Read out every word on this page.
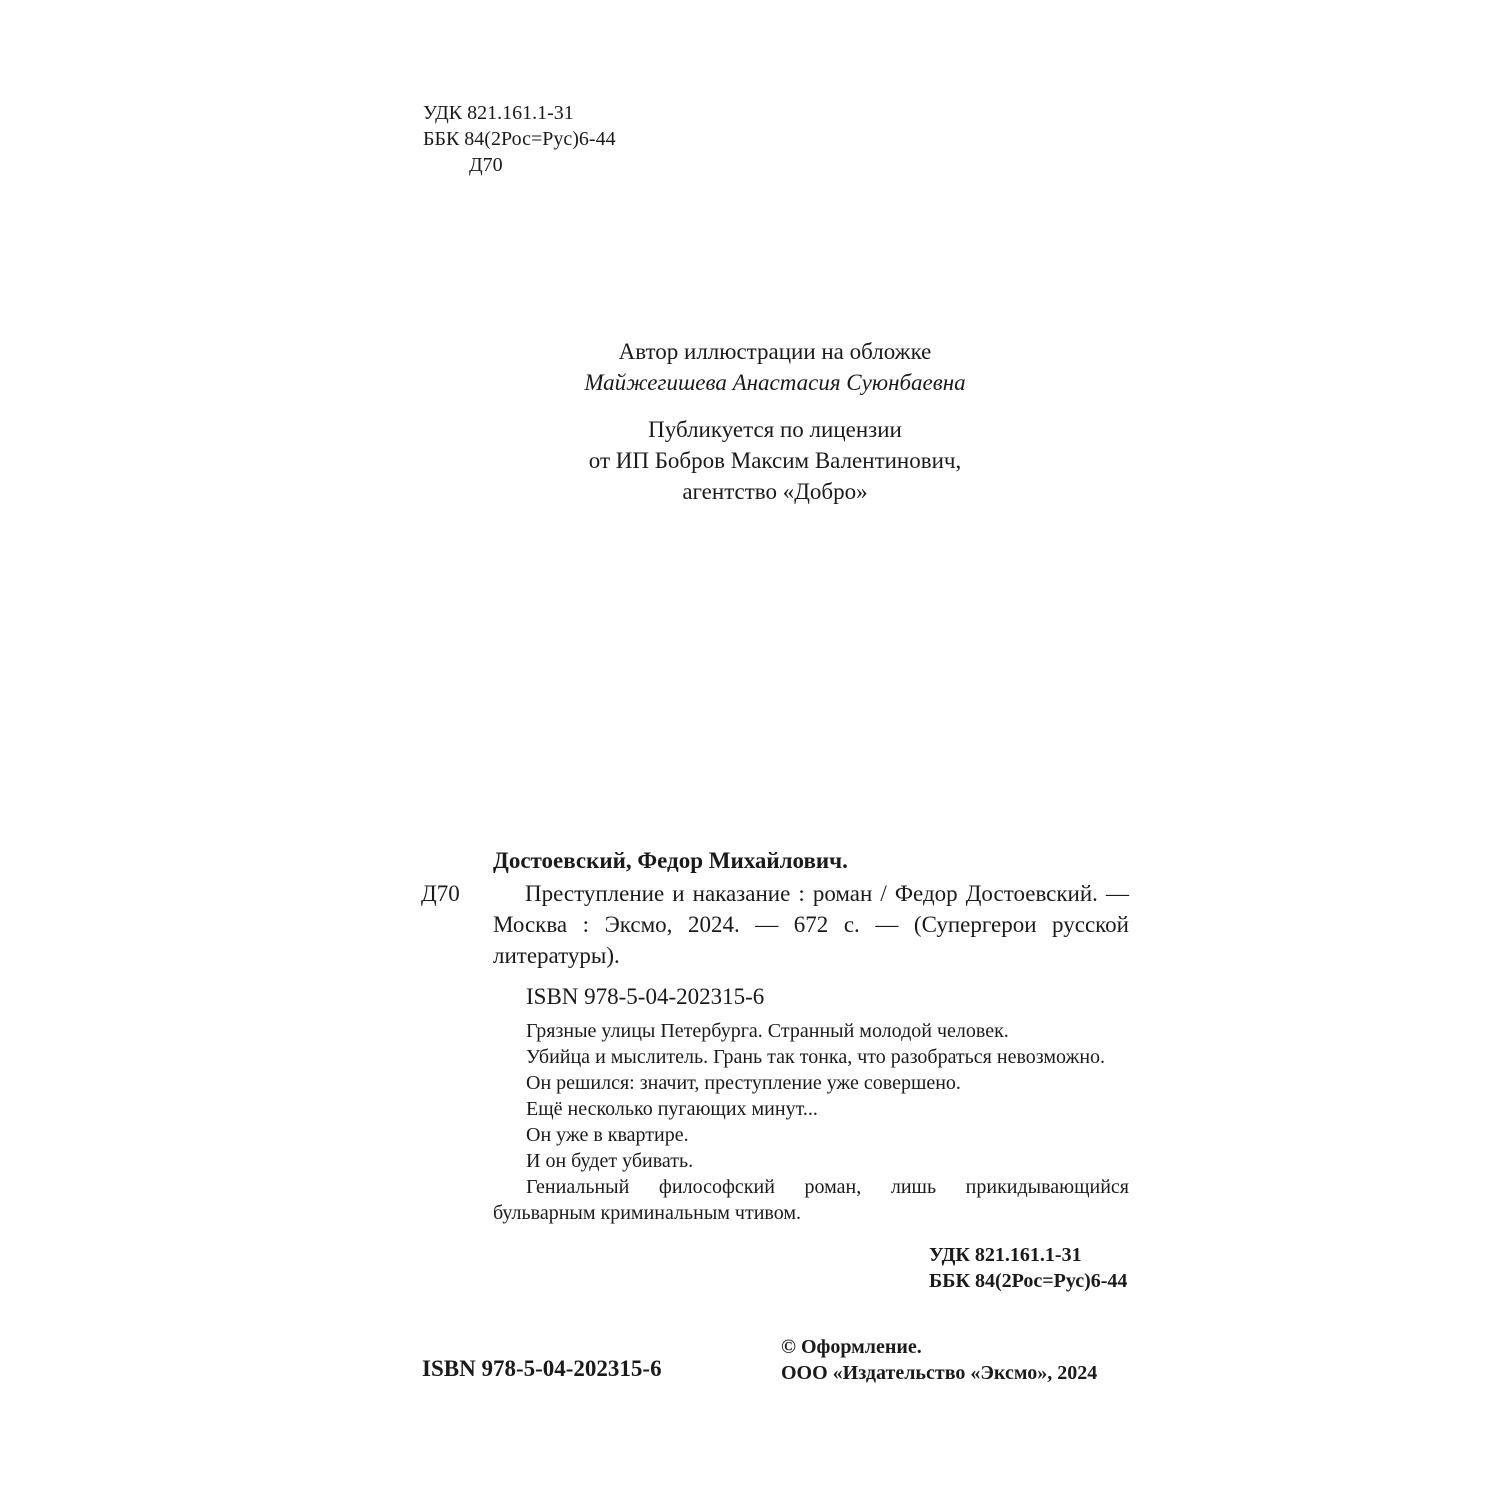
УДК 821.161.1-31
ББК 84(2Рос=Рус)6-44
Д70
Автор иллюстрации на обложке
Майжегишева Анастасия Суюнбаевна
Публикуется по лицензии
от ИП Бобров Максим Валентинович,
агентство «Добро»
Достоевский, Федор Михайлович.
Д70	Преступление и наказание : роман / Федор Достоевский. — Москва : Эксмо, 2024. — 672 с. — (Супергерои русской литературы).

ISBN 978-5-04-202315-6

Грязные улицы Петербурга. Странный молодой человек.

Убийца и мыслитель. Грань так тонка, что разобраться невозможно.

Он решился: значит, преступление уже совершено.

Ещё несколько пугающих минут...

Он уже в квартире.

И он будет убивать.

Гениальный философский роман, лишь прикидывающийся бульварным криминальным чтивом.

УДК 821.161.1-31
ББК 84(2Рос=Рус)6-44
ISBN 978-5-04-202315-6
© Оформление.
ООО «Издательство «Эксмо», 2024
